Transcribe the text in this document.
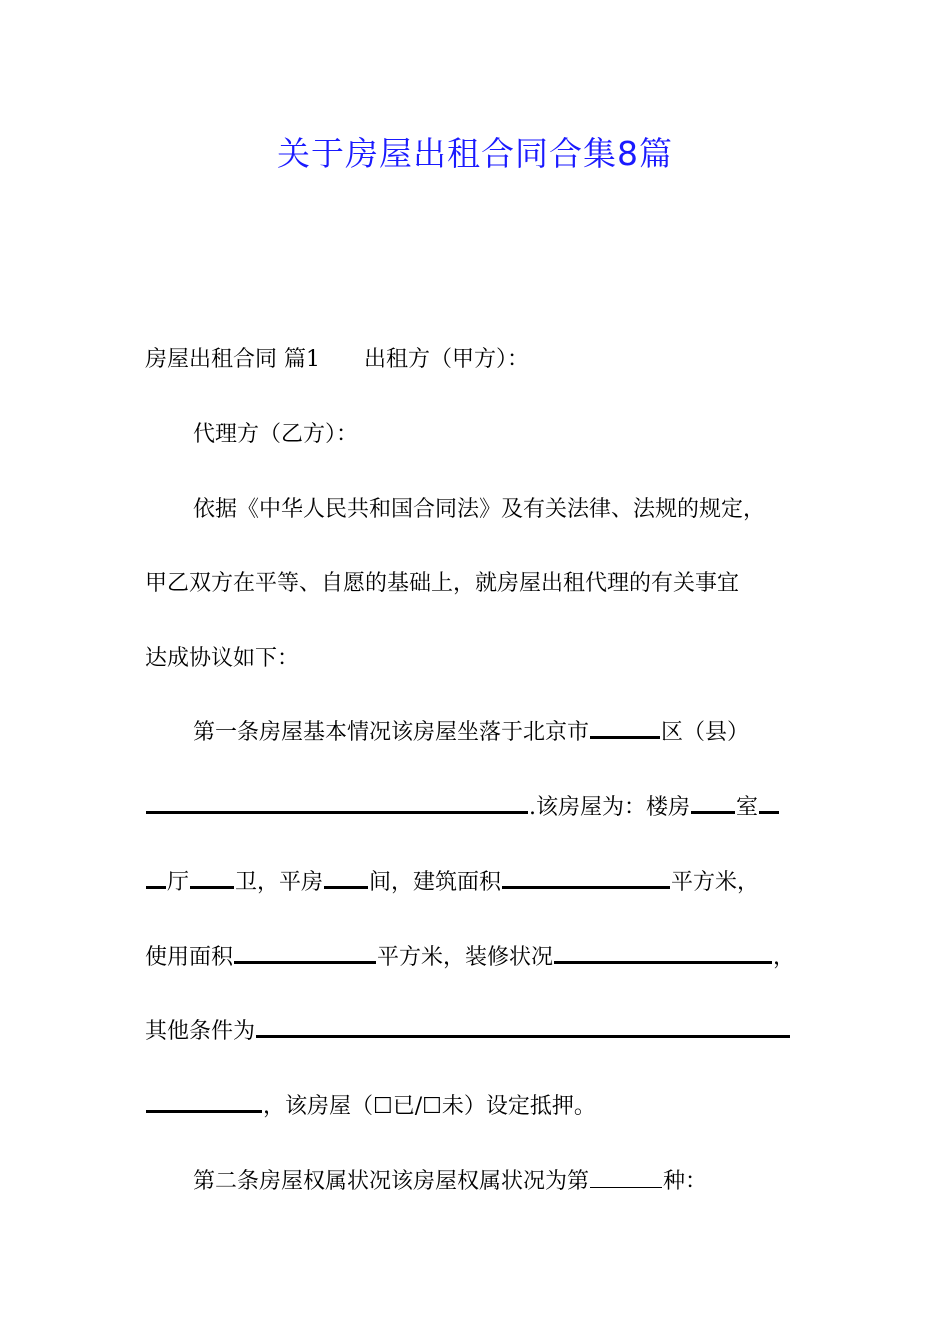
关于房屋出租合同合集8篇
房屋出租合同 篇1 出租方（甲方）：
代理方（乙方）：
依据《中华人民共和国合同法》及有关法律、法规的规定，
甲乙双方在平等、自愿的基础上，就房屋出租代理的有关事宜
达成协议如下：
第一条房屋基本情况该房屋坐落于北京市	区（县）
.该房屋为：楼房 室
厅 卫，平房 间，建筑面积	平方米，
使用面积	平方米，装修状况	，
其他条件为
，该房屋（☐已/☐未）设定抵押。
第二条房屋权属状况该房屋权属状况为第	种：
